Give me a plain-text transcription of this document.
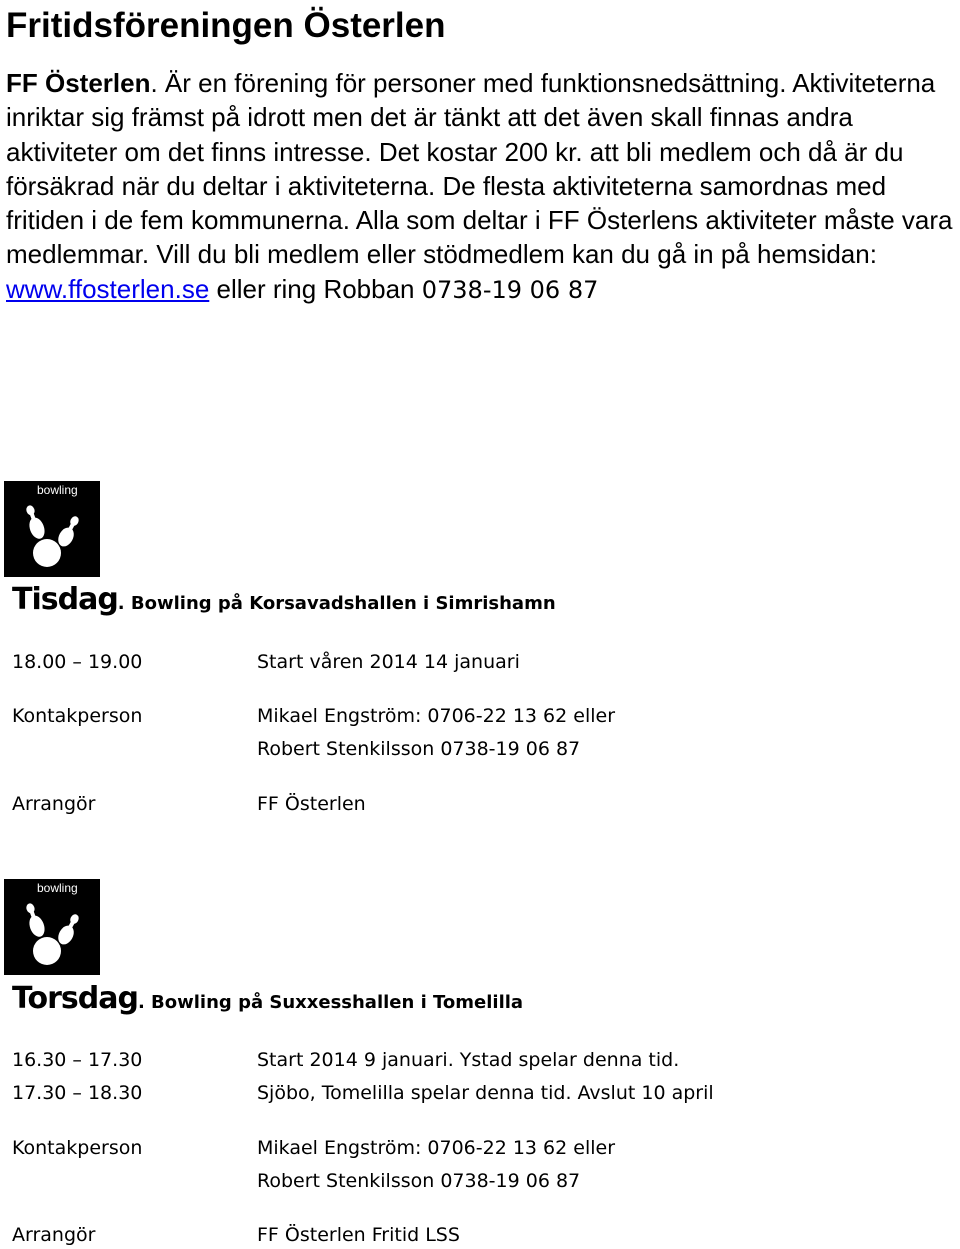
Fritidsföreningen Österlen

FF Österlen. Är en förening för personer med funktionsnedsättning. Aktiviteterna inriktar sig främst på idrott men det är tänkt att det även skall finnas andra aktiviteter om det finns intresse. Det kostar 200 kr. att bli medlem och då är du försäkrad när du deltar i aktiviteterna. De flesta aktiviteterna samordnas med fritiden i de fem kommunerna. Alla som deltar i FF Österlens aktiviteter måste vara medlemmar. Vill du bli medlem eller stödmedlem kan du gå in på hemsidan:
www.ffosterlen.se eller ring Robban 0738-19 06 87

bowling
Tisdag. Bowling på Korsavadshallen i Simrishamn
18.00 – 19.00	Start våren 2014 14 januari
Kontakperson	Mikael Engström: 0706-22 13 62 eller
Robert Stenkilsson 0738-19 06 87
Arrangör	FF Österlen
bowling
Torsdag. Bowling på Suxxesshallen i Tomelilla
16.30 – 17.30	Start 2014 9 januari. Ystad spelar denna tid.
17.30 – 18.30	Sjöbo, Tomelilla spelar denna tid. Avslut 10 april
Kontakperson	Mikael Engström: 0706-22 13 62 eller
Robert Stenkilsson 0738-19 06 87
Arrangör	FF Österlen Fritid LSS
